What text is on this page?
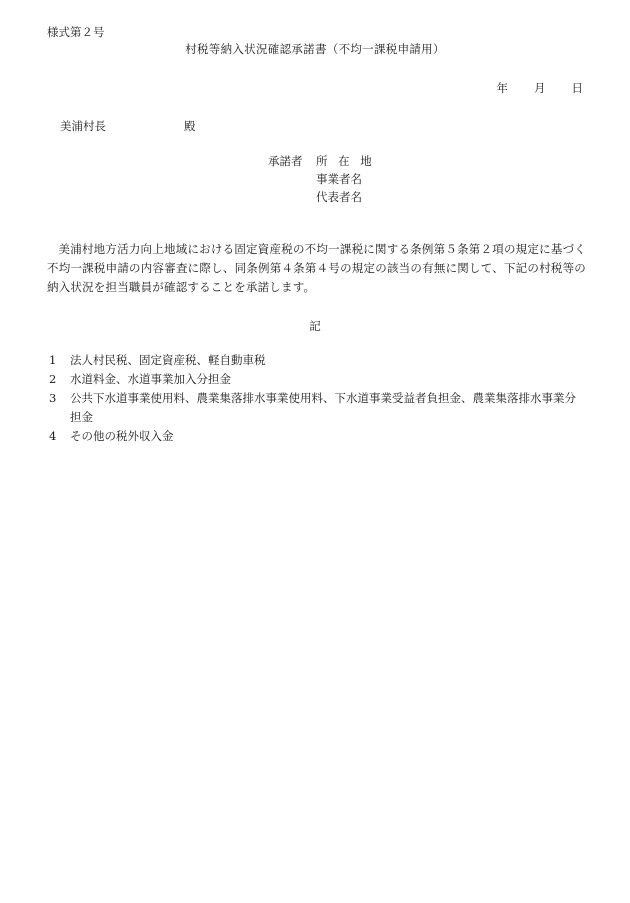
様式第２号
村税等納入状況確認承諾書（不均一課税申請用）
年 月 日
美浦村長	殿
承諾者 所 在 地
事業者名
代表者名
美浦村地方活力向上地域における固定資産税の不均一課税に関する条例第５条第２項の規定に基づく不均一課税申請の内容審査に際し、同条例第４条第４号の規定の該当の有無に関して、下記の村税等の納入状況を担当職員が確認することを承諾します。
記
1	法人村民税、固定資産税、軽自動車税
2	水道料金、水道事業加入分担金
3	公共下水道事業使用料、農業集落排水事業使用料、下水道事業受益者負担金、農業集落排水事業分担金
4	その他の税外収入金
